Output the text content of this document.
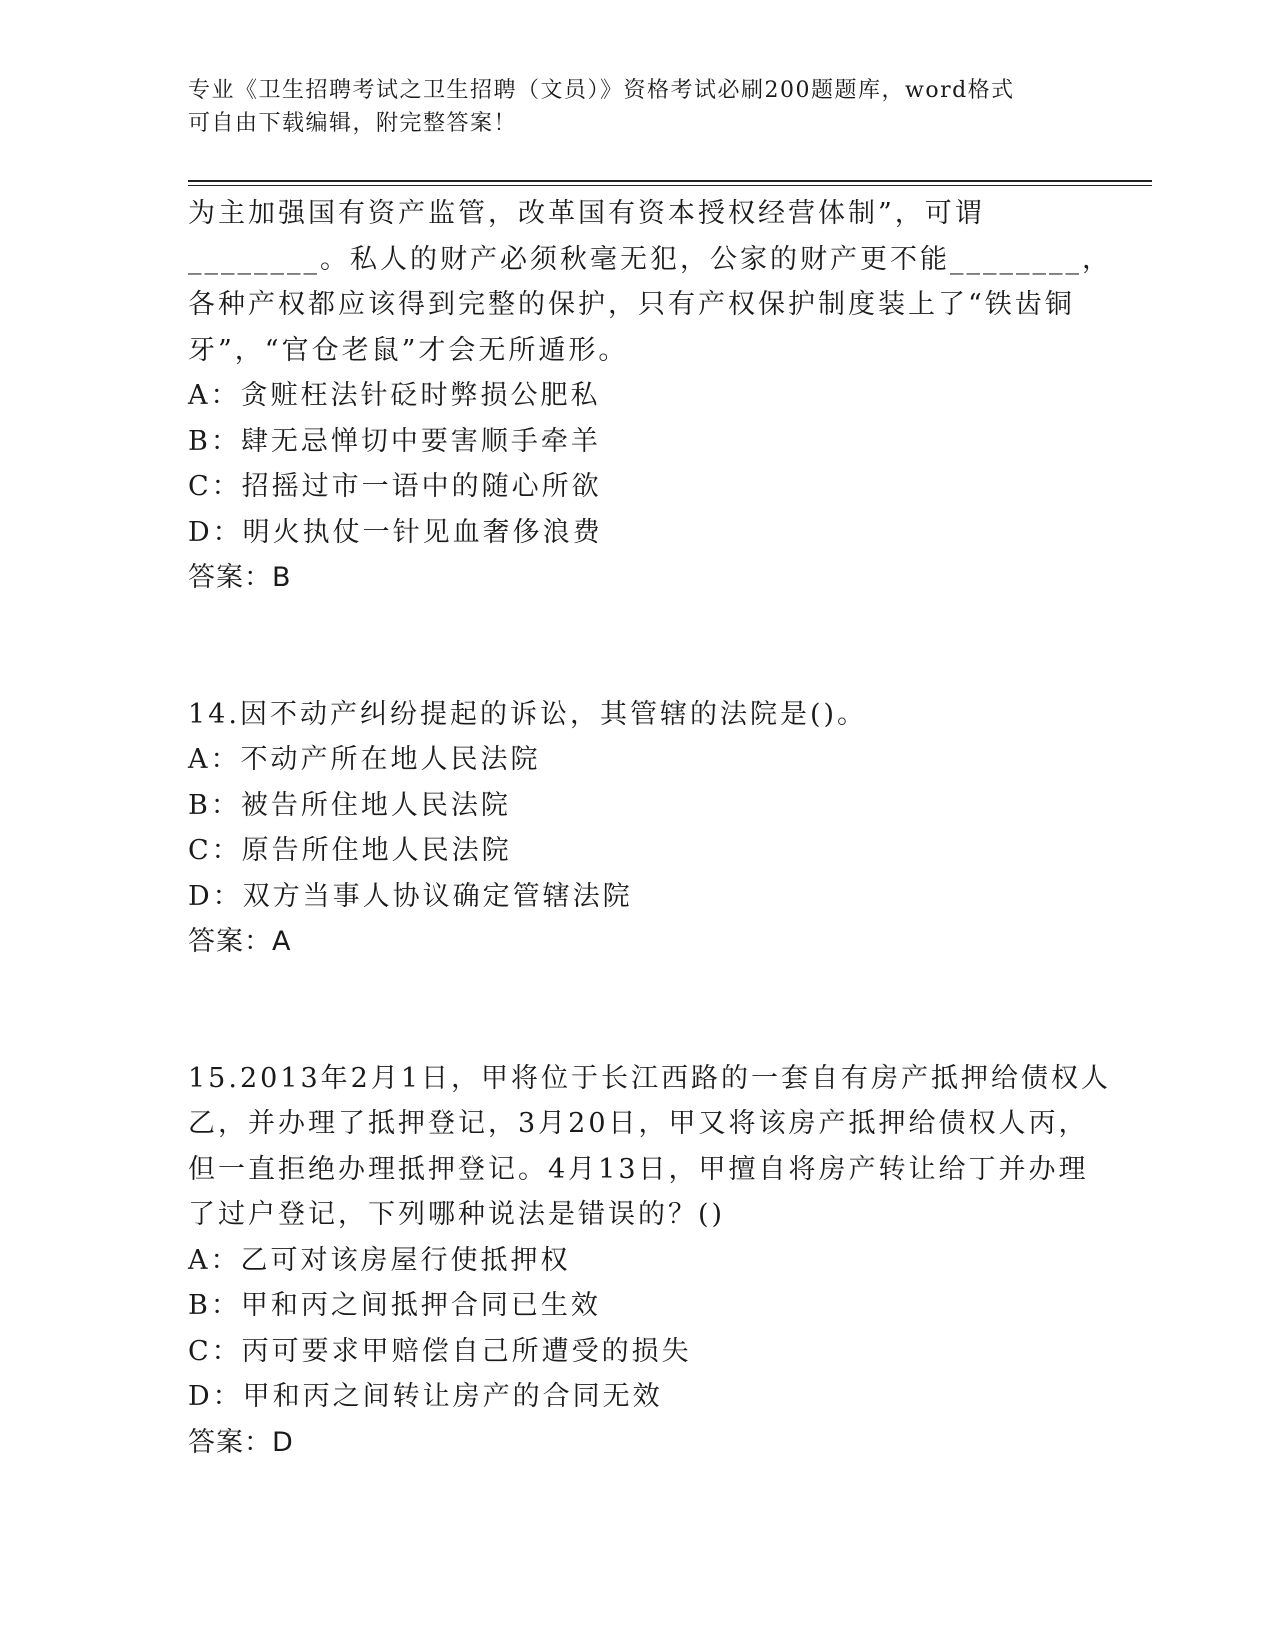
专业《卫生招聘考试之卫生招聘（文员）》资格考试必刷200题题库，word格式
可自由下载编辑，附完整答案！

为主加强国有资产监管，改革国有资本授权经营体制”，可谓

________。私人的财产必须秋毫无犯，公家的财产更不能________，

各种产权都应该得到完整的保护，只有产权保护制度装上了“铁齿铜

牙”，“官仓老鼠”才会无所遁形。

A：贪赃枉法针砭时弊损公肥私

B：肆无忌惮切中要害顺手牵羊

C：招摇过市一语中的随心所欲

D：明火执仗一针见血奢侈浪费

答案：B

14.因不动产纠纷提起的诉讼，其管辖的法院是()。

A：不动产所在地人民法院

B：被告所住地人民法院

C：原告所住地人民法院

D：双方当事人协议确定管辖法院

答案：A

15.2013年2月1日，甲将位于长江西路的一套自有房产抵押给债权人

乙，并办理了抵押登记，3月20日，甲又将该房产抵押给债权人丙，

但一直拒绝办理抵押登记。4月13日，甲擅自将房产转让给丁并办理

了过户登记，下列哪种说法是错误的？()

A：乙可对该房屋行使抵押权

B：甲和丙之间抵押合同已生效

C：丙可要求甲赔偿自己所遭受的损失

D：甲和丙之间转让房产的合同无效

答案：D
